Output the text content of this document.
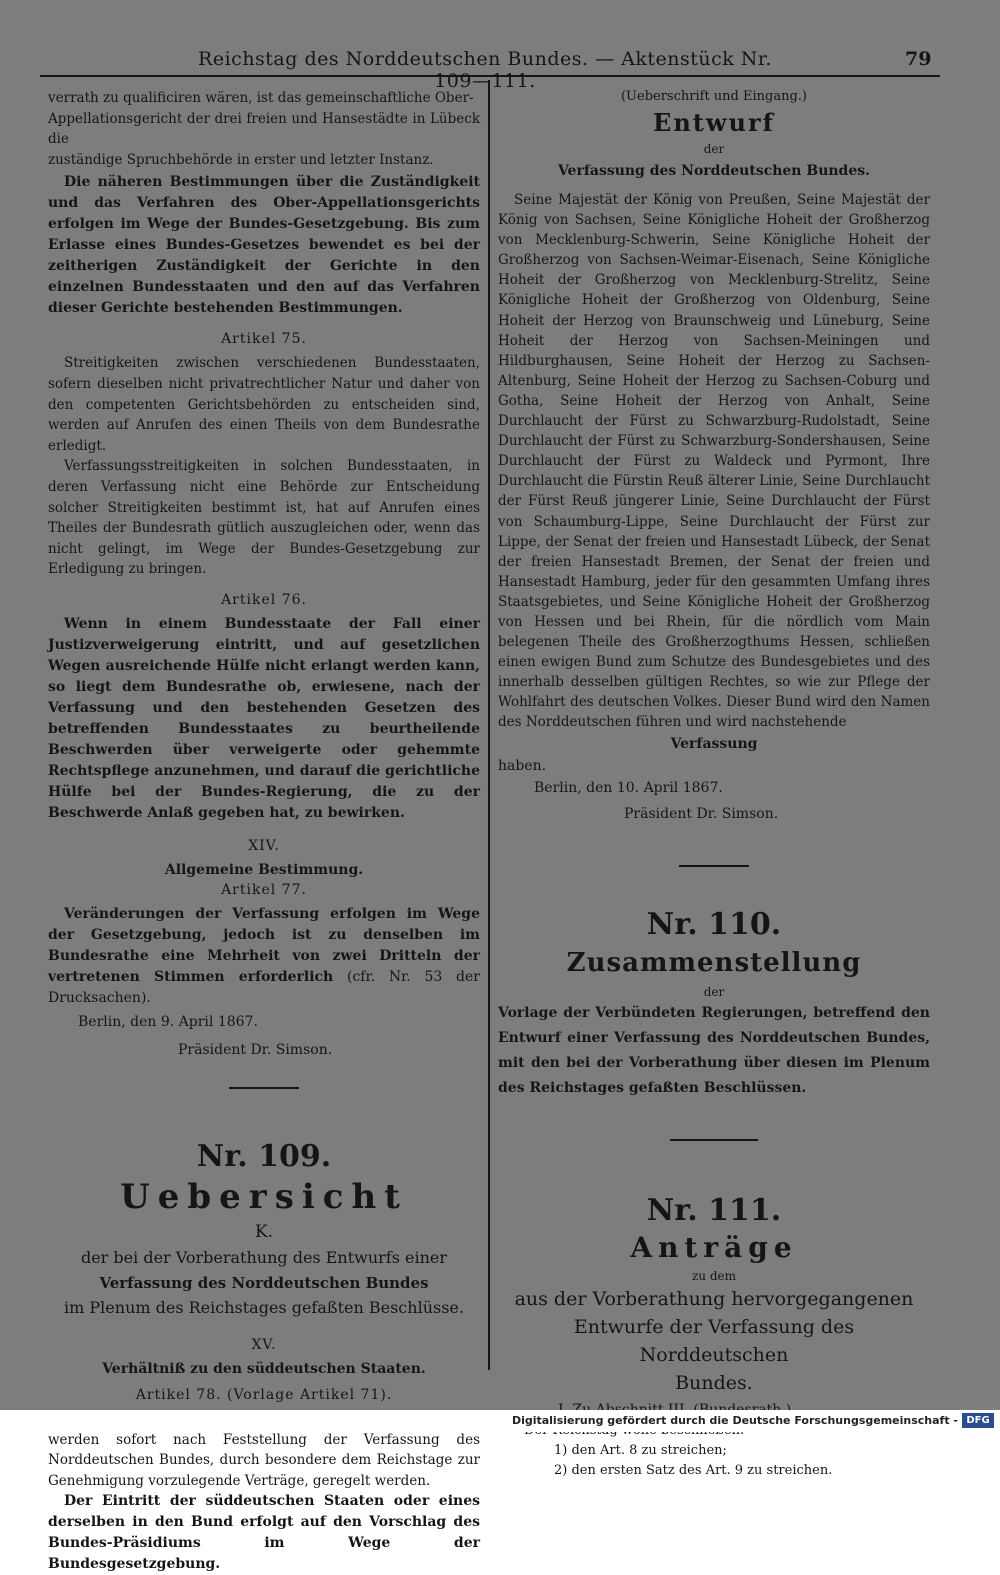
Reichstag des Norddeutschen Bundes. — Aktenstück Nr. 109—111.
79

verrath zu qualificiren wären, ist das gemeinschaftliche Ober-

Appellationsgericht der drei freien und Hansestädte in Lübeck die

zuständige Spruchbehörde in erster und letzter Instanz.

Die näheren Bestimmungen über die Zuständigkeit und das Verfahren des Ober-Appellationsgerichts erfolgen im Wege der Bundes-Gesetzgebung. Bis zum Erlasse eines Bundes-Gesetzes bewendet es bei der zeitherigen Zuständigkeit der Gerichte in den einzelnen Bundesstaaten und den auf das Verfahren dieser Gerichte bestehenden Bestimmungen.

Artikel 75.

Streitigkeiten zwischen verschiedenen Bundesstaaten, sofern dieselben nicht privatrechtlicher Natur und daher von den competenten Gerichtsbehörden zu entscheiden sind, werden auf Anrufen des einen Theils von dem Bundesrathe erledigt.

Verfassungsstreitigkeiten in solchen Bundesstaaten, in deren Verfassung nicht eine Behörde zur Entscheidung solcher Streitigkeiten bestimmt ist, hat auf Anrufen eines Theiles der Bundesrath gütlich auszugleichen oder, wenn das nicht gelingt, im Wege der Bundes-Gesetzgebung zur Erledigung zu bringen.

Artikel 76.

Wenn in einem Bundesstaate der Fall einer Justizverweigerung eintritt, und auf gesetzlichen Wegen ausreichende Hülfe nicht erlangt werden kann, so liegt dem Bundesrathe ob, erwiesene, nach der Verfassung und den bestehenden Gesetzen des betreffenden Bundesstaates zu beurtheilende Beschwerden über verweigerte oder gehemmte Rechtspflege anzunehmen, und darauf die gerichtliche Hülfe bei der Bundes-Regierung, die zu der Beschwerde Anlaß gegeben hat, zu bewirken.

XIV.

Allgemeine Bestimmung.

Artikel 77.

Veränderungen der Verfassung erfolgen im Wege der Gesetzgebung, jedoch ist zu denselben im Bundesrathe eine Mehrheit von zwei Dritteln der vertretenen Stimmen erforderlich (cfr. Nr. 53 der Drucksachen).

Berlin, den 9. April 1867.

Präsident Dr. Simson.

Nr. 109.

Uebersicht

K.

der bei der Vorberathung des Entwurfs einer

Verfassung des Norddeutschen Bundes

im Plenum des Reichstages gefaßten Beschlüsse.

XV.

Verhältniß zu den süddeutschen Staaten.

Artikel 78. (Vorlage Artikel 71).

werden sofort nach Feststellung der Verfassung des Norddeutschen Bundes, durch besondere dem Reichstage zur Genehmigung vorzulegende Verträge, geregelt werden.

Der Eintritt der süddeutschen Staaten oder eines derselben in den Bund erfolgt auf den Vorschlag des Bundes-Präsidiums im Wege der Bundesgesetzgebung.

(Ueberschrift und Eingang.)

Entwurf

der

Verfassung des Norddeutschen Bundes.

Seine Majestät der König von Preußen, Seine Majestät der König von Sachsen, Seine Königliche Hoheit der Großherzog von Mecklenburg-Schwerin, Seine Königliche Hoheit der Großherzog von Sachsen-Weimar-Eisenach, Seine Königliche Hoheit der Großherzog von Mecklenburg-Strelitz, Seine Königliche Hoheit der Großherzog von Oldenburg, Seine Hoheit der Herzog von Braunschweig und Lüneburg, Seine Hoheit der Herzog von Sachsen-Meiningen und Hildburghausen, Seine Hoheit der Herzog zu Sachsen-Altenburg, Seine Hoheit der Herzog zu Sachsen-Coburg und Gotha, Seine Hoheit der Herzog von Anhalt, Seine Durchlaucht der Fürst zu Schwarzburg-Rudolstadt, Seine Durchlaucht der Fürst zu Schwarzburg-Sondershausen, Seine Durchlaucht der Fürst zu Waldeck und Pyrmont, Ihre Durchlaucht die Fürstin Reuß älterer Linie, Seine Durchlaucht der Fürst Reuß jüngerer Linie, Seine Durchlaucht der Fürst von Schaumburg-Lippe, Seine Durchlaucht der Fürst zur Lippe, der Senat der freien und Hansestadt Lübeck, der Senat der freien Hansestadt Bremen, der Senat der freien und Hansestadt Hamburg, jeder für den gesammten Umfang ihres Staatsgebietes, und Seine Königliche Hoheit der Großherzog von Hessen und bei Rhein, für die nördlich vom Main belegenen Theile des Großherzogthums Hessen, schließen einen ewigen Bund zum Schutze des Bundesgebietes und des innerhalb desselben gültigen Rechtes, so wie zur Pflege der Wohlfahrt des deutschen Volkes. Dieser Bund wird den Namen des Norddeutschen führen und wird nachstehende

Verfassung

haben.

Berlin, den 10. April 1867.

Präsident Dr. Simson.

Nr. 110.

Zusammenstellung

der

Vorlage der Verbündeten Regierungen, betreffend den Entwurf einer Verfassung des Norddeutschen Bundes, mit den bei der Vorberathung über diesen im Plenum des Reichstages gefaßten Beschlüssen.

Nr. 111.

Anträge

zu dem

aus der Vorberathung hervorgegangenen

Entwurfe der Verfassung des Norddeutschen

Bundes.

1) den Art. 8 zu streichen;

2) den ersten Satz des Art. 9 zu streichen.

Digitalisierung gefördert durch die Deutsche Forschungsgemeinschaft - DFG
